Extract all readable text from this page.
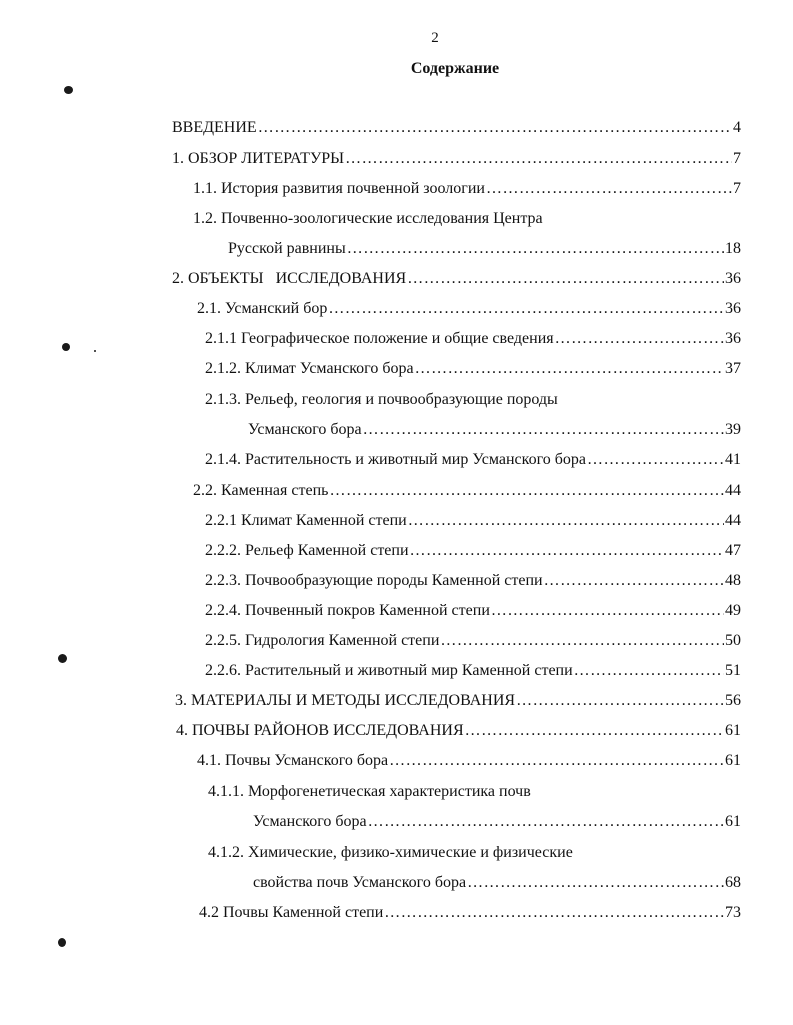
2
Содержание
ВВЕДЕНИЕ …………………………………………………………………………………………………………………………………………………………………………………………………………	4
1. ОБЗОР ЛИТЕРАТУРЫ …………………………………………………………………………………………………………………………………………………………………………………………………………	7
1.1. История развития почвенной зоологии …………………………………………………………………………………………………………………………………………………………………………………………………………	7
1.2. Почвенно-зоологические исследования Центра
Русской равнины …………………………………………………………………………………………………………………………………………………………………………………………………………	18
2. ОБЪЕКТЫ   ИССЛЕДОВАНИЯ …………………………………………………………………………………………………………………………………………………………………………………………………………	36
2.1. Усманский бор …………………………………………………………………………………………………………………………………………………………………………………………………………	36
2.1.1 Географическое положение и общие сведения …………………………………………………………………………………………………………………………………………………………………………………………………………	36
2.1.2. Климат Усманского бора …………………………………………………………………………………………………………………………………………………………………………………………………………	37
2.1.3. Рельеф, геология и почвообразующие породы
Усманского бора …………………………………………………………………………………………………………………………………………………………………………………………………………	39
2.1.4. Растительность и животный мир Усманского бора …………………………………………………………………………………………………………………………………………………………………………………………………………	41
2.2. Каменная степь …………………………………………………………………………………………………………………………………………………………………………………………………………	44
2.2.1 Климат Каменной степи …………………………………………………………………………………………………………………………………………………………………………………………………………	44
2.2.2. Рельеф Каменной степи …………………………………………………………………………………………………………………………………………………………………………………………………………	47
2.2.3. Почвообразующие породы Каменной степи …………………………………………………………………………………………………………………………………………………………………………………………………………	48
2.2.4. Почвенный покров Каменной степи …………………………………………………………………………………………………………………………………………………………………………………………………………	49
2.2.5. Гидрология Каменной степи …………………………………………………………………………………………………………………………………………………………………………………………………………	50
2.2.6. Растительный и животный мир Каменной степи …………………………………………………………………………………………………………………………………………………………………………………………………………	51
3. МАТЕРИАЛЫ И МЕТОДЫ ИССЛЕДОВАНИЯ …………………………………………………………………………………………………………………………………………………………………………………………………………	56
4. ПОЧВЫ РАЙОНОВ ИССЛЕДОВАНИЯ …………………………………………………………………………………………………………………………………………………………………………………………………………	61
4.1. Почвы Усманского бора …………………………………………………………………………………………………………………………………………………………………………………………………………	61
4.1.1. Морфогенетическая характеристика почв
Усманского бора …………………………………………………………………………………………………………………………………………………………………………………………………………	61
4.1.2. Химические, физико-химические и физические
свойства почв Усманского бора …………………………………………………………………………………………………………………………………………………………………………………………………………	68
4.2 Почвы Каменной степи …………………………………………………………………………………………………………………………………………………………………………………………………………	73
